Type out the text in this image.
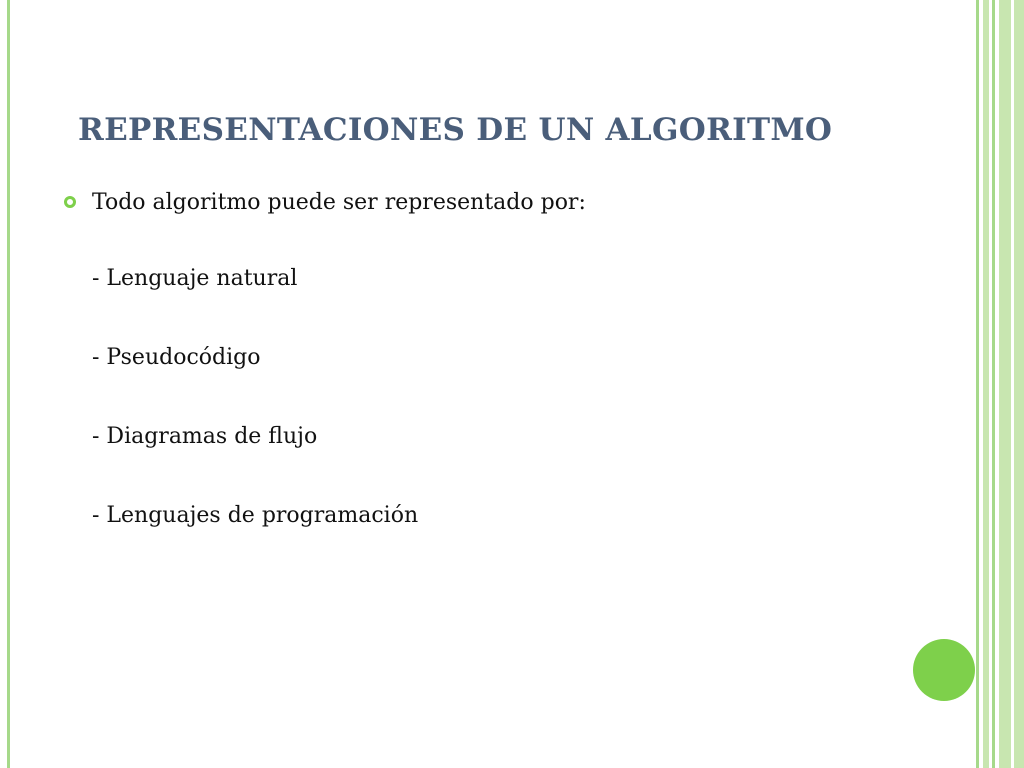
REPRESENTACIONES DE UN ALGORITMO
Todo algoritmo puede ser representado por:
- Lenguaje natural
- Pseudocódigo
- Diagramas de flujo
- Lenguajes de programación
